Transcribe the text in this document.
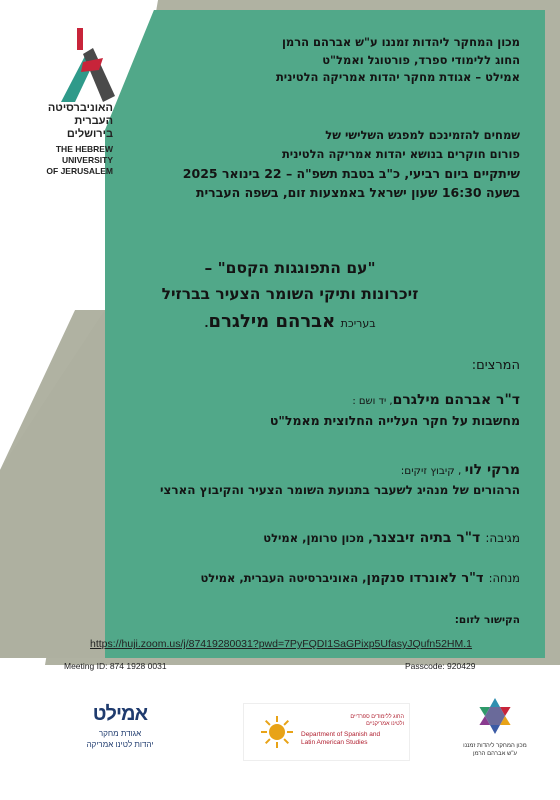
האוניברסיטה
העברית
בירושלים
THE HEBREW
UNIVERSITY
OF JERUSALEM
מכון המחקר ליהדות זמננו ע"ש אברהם הרמן
החוג ללימודי ספרד, פורטוגל ואמל"ט
אמילט – אגודת מחקר יהדות אמריקה הלטינית
שמחים להזמינכם למפגש השלישי של
פורום חוקרים בנושא יהדות אמריקה הלטינית
שיתקיים ביום רביעי, כ"ב בטבת תשפ"ה – 22 בינואר 2025
בשעה 16:30 שעון ישראל באמצעות זום, בשפה העברית
"עם התפוגגות הקסם" –
זיכרונות ותיקי השומר הצעיר בברזיל
בעריכת אברהם מילגרם.
המרצים:
ד"ר אברהם מילגרם, יד ושם :
מחשבות על חקר העלייה החלוצית מאמל"ט
מרקי לוי , קיבוץ זיקים:
הרהורים של מנהיג לשעבר בתנועת השומר הצעיר והקיבוץ הארצי
מגיבה: ד"ר בתיה זיבצנר, מכון טרומן, אמילט
מנחה: ד"ר לאונרדו סנקמן, האוניברסיטה העברית, אמילט
הקישור לזום:
https://huji.zoom.us/j/87419280031?pwd=7PyFQDI1SaGPixp5UfasyJQufn52HM.1
Meeting ID: 874 1928 0031	Passcode: 920429
אמילט
אגודת מחקר
יהדות לטינו אמריקה
החוג ללימודים ספרדיים
ולטינו אמריקניים
Department of Spanish and
Latin American Studies	מכון המחקר ליהדות זמננו
ע"ש אברהם הרמן
